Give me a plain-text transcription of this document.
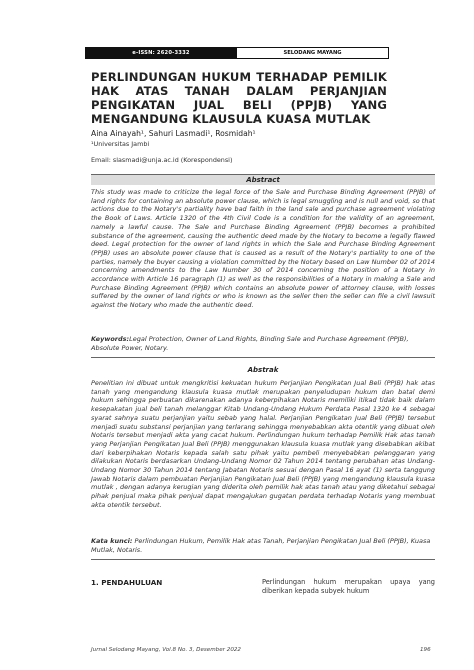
e-ISSN: 2620-3332	SELODANG MAYANG
PERLINDUNGAN HUKUM TERHADAP PEMILIK HAK ATAS TANAH DALAM PERJANJIAN PENGIKATAN JUAL BELI (PPJB) YANG MENGANDUNG KLAUSULA KUASA MUTLAK
Aina Ainayah¹, Sahuri Lasmadi¹, Rosmidah¹
¹Universitas Jambi
Email: slasmadi@unja.ac.id (Korespondensi)
Abstract
This study was made to criticize the legal force of the Sale and Purchase Binding Agreement (PPJB) of land rights for containing an absolute power clause, which is legal smuggling and is null and void, so that actions due to the Notary's partiality have bad faith in the land sale and purchase agreement violating the Book of Laws. Article 1320 of the 4th Civil Code is a condition for the validity of an agreement, namely a lawful cause. The Sale and Purchase Binding Agreement (PPJB) becomes a prohibited substance of the agreement, causing the authentic deed made by the Notary to become a legally flawed deed. Legal protection for the owner of land rights in which the Sale and Purchase Binding Agreement (PPJB) uses an absolute power clause that is caused as a result of the Notary's partiality to one of the parties, namely the buyer causing a violation committed by the Notary based on Law Number 02 of 2014 concerning amendments to the Law Number 30 of 2014 concerning the position of a Notary in accordance with Article 16 paragraph (1) as well as the responsibilities of a Notary in making a Sale and Purchase Binding Agreement (PPJB) which contains an absolute power of attorney clause, with losses suffered by the owner of land rights or who is known as the seller then the seller can file a civil lawsuit against the Notary who made the authentic deed.
Keywords:Legal Protection, Owner of Land Rights, Binding Sale and Purchase Agreement (PPJB), Absolute Power, Notary.
Abstrak
Penelitian ini dibuat untuk mengkritisi kekuatan hukum Perjanjian Pengikatan Jual Beli (PPJB) hak atas tanah yang mengandung klausula kuasa mutlak merupakan penyeludupan hukum dan batal demi hukum sehingga perbuatan dikarenakan adanya keberpihakan Notaris memiliki itikad tidak baik dalam kesepakatan jual beli tanah melanggar Kitab Undang-Undang Hukum Perdata Pasal 1320 ke 4 sebagai syarat sahnya suatu perjanjian yaitu sebab yang halal. Perjanjian Pengikatan Jual Beli (PPJB) tersebut menjadi suatu substansi perjanjian yang terlarang sehingga menyebabkan akta otentik yang dibuat oleh Notaris tersebut menjadi akta yang cacat hukum. Perlindungan hukum terhadap Pemilik Hak atas tanah yang Perjanjian Pengikatan Jual Beli (PPJB) menggunakan klausula kuasa mutlak yang disebabkan akibat dari keberpihakan Notaris kepada salah satu pihak yaitu pembeli menyebabkan pelanggaran yang dilakukan Notaris berdasarkan Undang-Undang Nomor 02 Tahun 2014 tentang perubahan atas Undang-Undang Nomor 30 Tahun 2014 tentang Jabatan Notaris sesuai dengan Pasal 16 ayat (1) serta tanggung Jawab Notaris dalam pembuatan Perjanjian Pengikatan Jual Beli (PPJB) yang mengandung klausula kuasa mutlak , dengan adanya kerugian yang diderita oleh pemilik hak atas tanah atau yang diketahui sebagai pihak penjual maka pihak penjual dapat mengajukan gugatan perdata terhadap Notaris yang membuat akta otentik tersebut.
Kata kunci: Perlindungan Hukum, Pemilik Hak atas Tanah, Perjanjian Pengikatan Jual Beli (PPJB), Kuasa Mutlak, Notaris.
1. PENDAHULUAN	Perlindungan hukum merupakan upaya yang diberikan kepada subyek hukum
Jurnal Selodang Mayang, Vol.8 No. 3, Desember 2022	196
